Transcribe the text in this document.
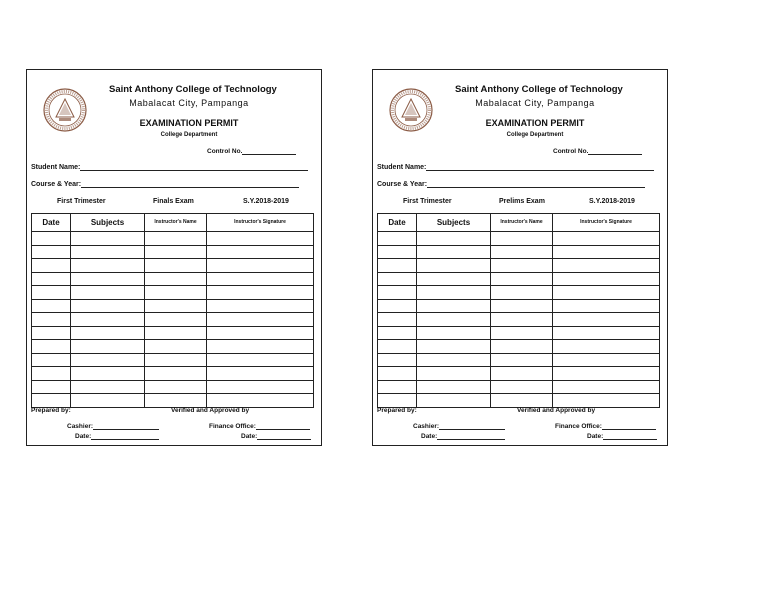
Saint Anthony College of Technology
Mabalacat City, Pampanga
EXAMINATION PERMIT
College Department
Control No.
Student Name:
Course & Year:
First Trimester	Finals Exam	S.Y.2018-2019
Date	Subjects	Instructor's Name	Instructor's Signature

Prepared by:	Verified and Approved by
Cashier:	Finance Office:
Date:	Date:
Saint Anthony College of Technology
Mabalacat City, Pampanga
EXAMINATION PERMIT
College Department
Control No.
Student Name:
Course & Year:
First Trimester	Prelims Exam	S.Y.2018-2019
Date	Subjects	Instructor's Name	Instructor's Signature

Prepared by:	Verified and Approved by
Cashier:	Finance Office:
Date:	Date:
